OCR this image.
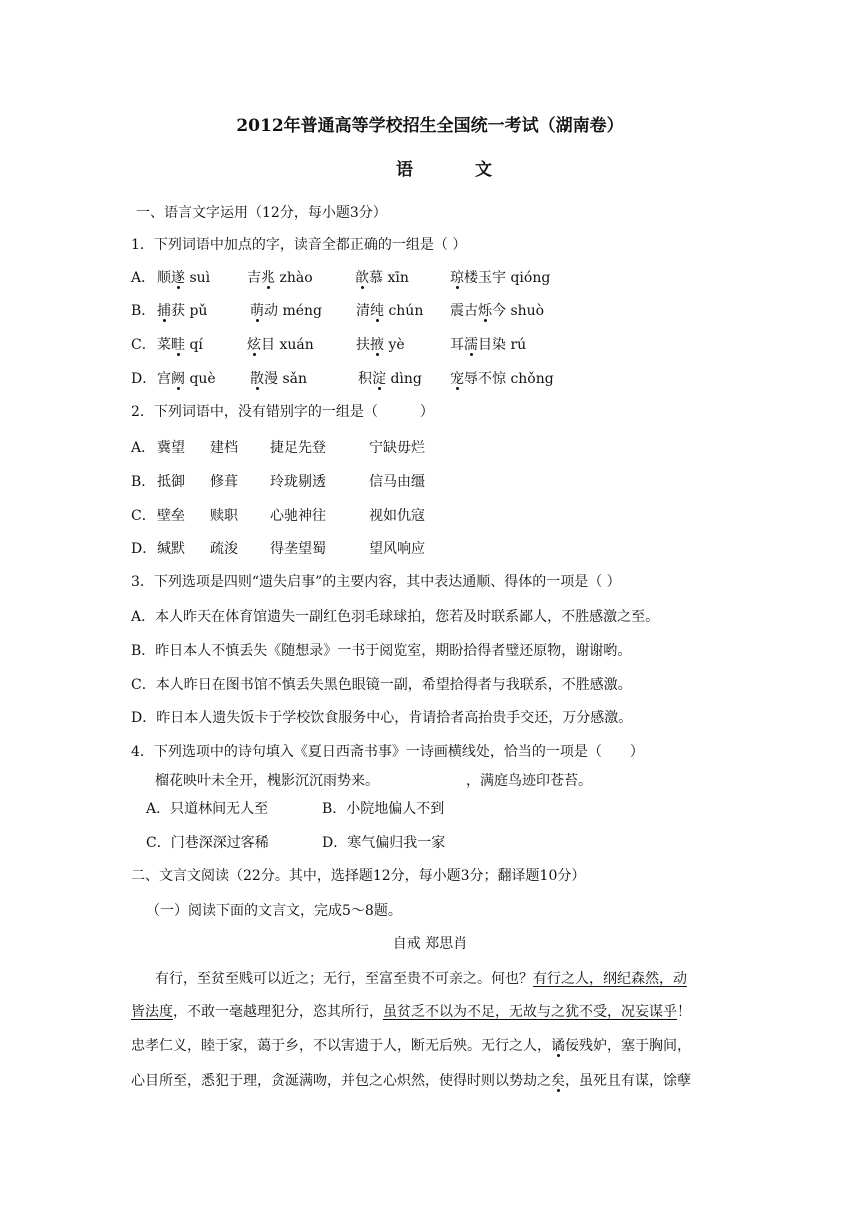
2012年普通高等学校招生全国统一考试（湖南卷）
语 文
一、语言文字运用（12分，每小题3分）
1．下列词语中加点的字，读音全都正确的一组是（ ）
A． 顺遂 suì	吉兆 zhào	歆慕 xīn	琼楼玉宇 qióng
B． 捕获 pǔ	萌动 méng 清纯 chún 震古烁今 shuò
C． 菜畦 qí	炫目 xuán	扶掖 yè	耳濡目染 rú
D． 宫阙 què 散漫 sǎn	积淀 dìng 宠辱不惊 chǒng
2．下列词语中，没有错别字的一组是（　　　）
A． 冀望 建档 捷足先登	宁缺毋烂
B． 抵御 修葺 玲珑剔透	信马由缰
C． 壁垒 赎职 心驰神往	视如仇寇
D． 缄默 疏浚 得垄望蜀	望风响应
3．下列选项是四则“遗失启事”的主要内容，其中表达通顺、得体的一项是（ ）
A．本人昨天在体育馆遗失一副红色羽毛球球拍，您若及时联系鄙人，不胜感激之至。
B．昨日本人不慎丢失《随想录》一书于阅览室，期盼拾得者璧还原物，谢谢哟。
C．本人昨日在图书馆不慎丢失黑色眼镜一副，希望拾得者与我联系，不胜感激。
D．昨日本人遗失饭卡于学校饮食服务中心，肯请拾者高抬贵手交还，万分感激。
4．下列选项中的诗句填入《夏日西斋书事》一诗画横线处，恰当的一项是（　　）
榴花映叶未全开，槐影沉沉雨势来。	，满庭鸟迹印苍苔。
A．只道林间无人至	B．小院地偏人不到
C．门巷深深过客稀	D．寒气偏归我一家
二、文言文阅读（22分。其中，选择题12分，每小题3分；翻译题10分）
（一）阅读下面的文言文，完成5～8题。
自戒 郑思肖
有行，至贫至贱可以近之；无行，至富至贵不可亲之。何也？有行之人，纲纪森然，动
皆法度，不敢一毫越理犯分，恣其所行，虽贫乏不以为不足，无故与之犹不受，况妄谋乎！
忠孝仁义，睦于家，蔼于乡，不以害遗于人，断无后殃。无行之人，谲佞残妒，塞于胸间，
心目所至，悉犯于理，贪涎满吻，并包之心炽然，使得时则以势劫之矣，虽死且有谋，馀孽
